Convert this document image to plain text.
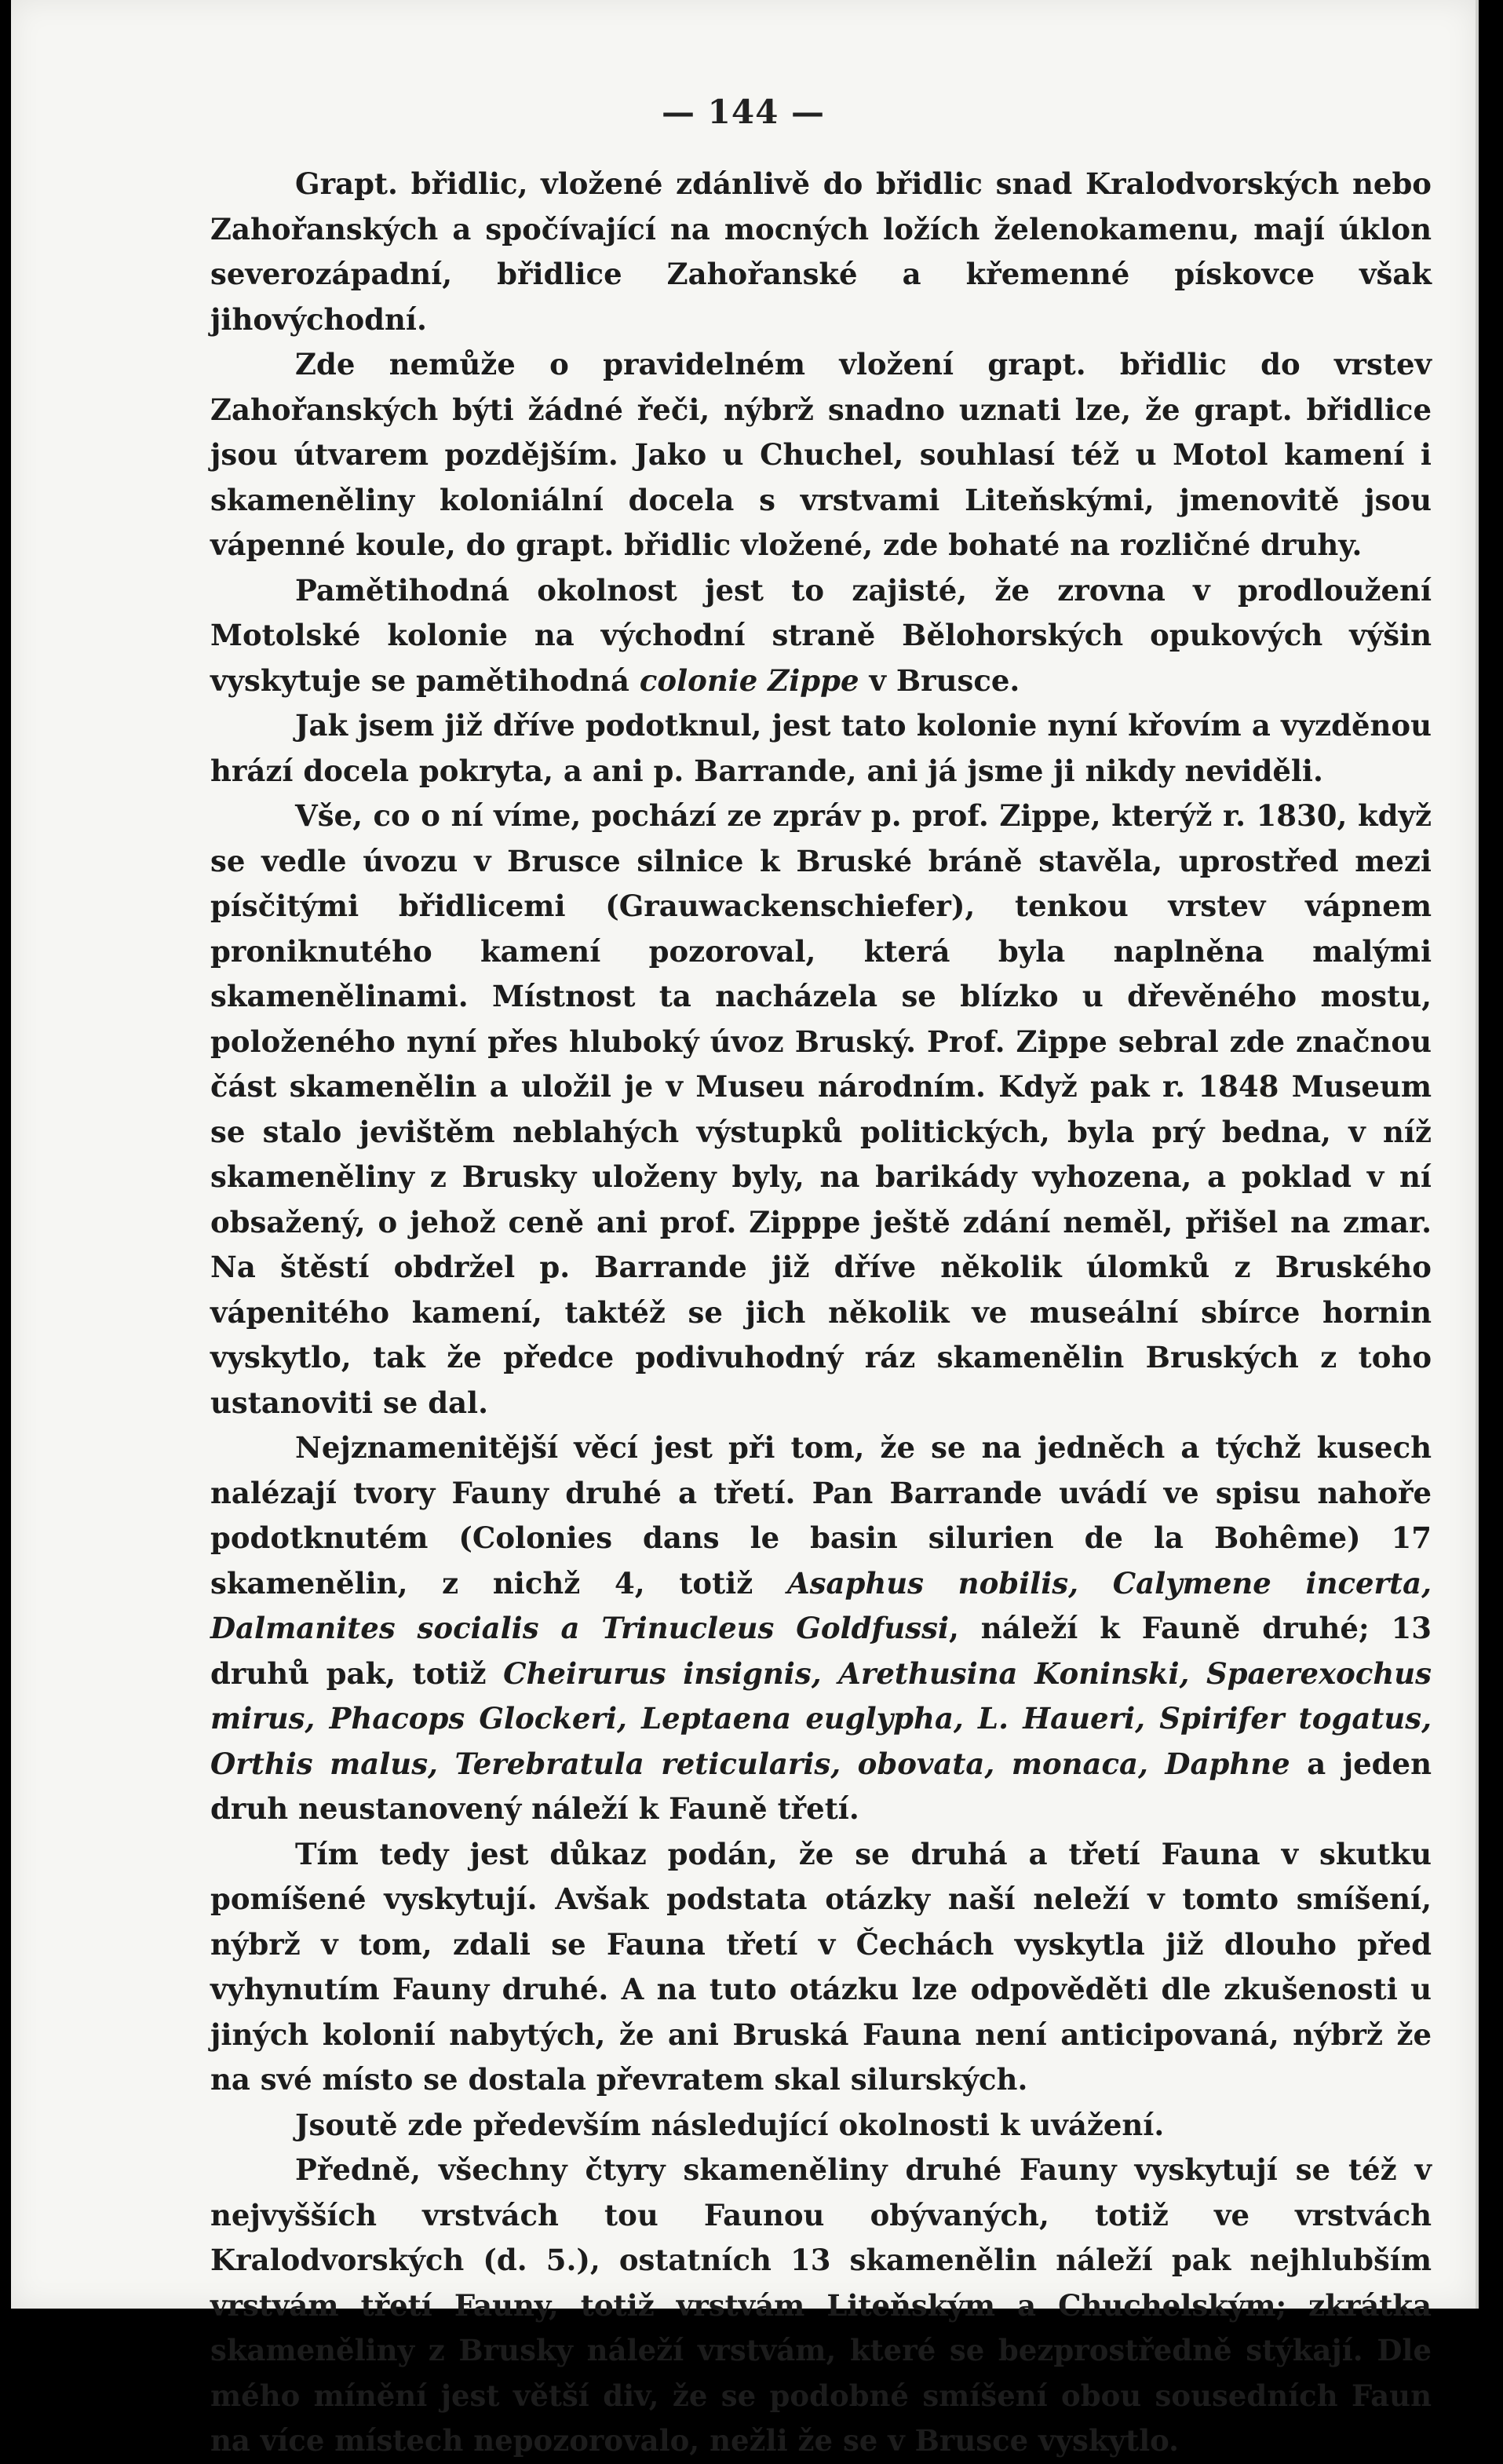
— 144 —

Grapt. břidlic, vložené zdánlivě do břidlic snad Kralodvorských nebo Zahořanských a spočívající na mocných ložích želenokamenu, mají úklon severozápadní, břidlice Zahořanské a křemenné pískovce však jihovýchodní.

Zde nemůže o pravidelném vložení grapt. břidlic do vrstev Zahořanských býti žádné řeči, nýbrž snadno uznati lze, že grapt. břidlice jsou útvarem pozdějším. Jako u Chuchel, souhlasí též u Motol kamení i skameněliny koloniální docela s vrstvami Liteňskými, jmenovitě jsou vápenné koule, do grapt. břidlic vložené, zde bohaté na rozličné druhy.

Pamětihodná okolnost jest to zajisté, že zrovna v prodloužení Motolské kolonie na východní straně Bělohorských opukových výšin vyskytuje se pamětihodná colonie Zippe v Brusce.

Jak jsem již dříve podotknul, jest tato kolonie nyní křovím a vyzděnou hrází docela pokryta, a ani p. Barrande, ani já jsme ji nikdy neviděli.

Vše, co o ní víme, pochází ze zpráv p. prof. Zippe, kterýž r. 1830, když se vedle úvozu v Brusce silnice k Bruské bráně stavěla, uprostřed mezi písčitými břidlicemi (Grauwackenschiefer), tenkou vrstev vápnem proniknutého kamení pozoroval, která byla naplněna malými skamenělinami. Místnost ta nacházela se blízko u dřevěného mostu, položeného nyní přes hluboký úvoz Bruský. Prof. Zippe sebral zde značnou část skamenělin a uložil je v Museu národním. Když pak r. 1848 Museum se stalo jevištěm neblahých výstupků politických, byla prý bedna, v níž skameněliny z Brusky uloženy byly, na barikády vyhozena, a poklad v ní obsažený, o jehož ceně ani prof. Zipppe ještě zdání neměl, přišel na zmar. Na štěstí obdržel p. Barrande již dříve několik úlomků z Bruského vápenitého kamení, taktéž se jich několik ve museální sbírce hornin vyskytlo, tak že předce podivuhodný ráz skamenělin Bruských z toho ustanoviti se dal.

Nejznamenitější věcí jest při tom, že se na jedněch a týchž kusech nalézají tvory Fauny druhé a třetí. Pan Barrande uvádí ve spisu nahoře podotknutém (Colonies dans le basin silurien de la Bohême) 17 skamenělin, z nichž 4, totiž Asaphus nobilis, Calymene incerta, Dalmanites socialis a Trinucleus Goldfussi, náleží k Fauně druhé; 13 druhů pak, totiž Cheirurus insignis, Arethusina Koninski, Spaerexochus mirus, Phacops Glockeri, Leptaena euglypha, L. Haueri, Spirifer togatus, Orthis malus, Terebratula reticularis, obovata, monaca, Daphne a jeden druh neustanovený náleží k Fauně třetí.

Tím tedy jest důkaz podán, že se druhá a třetí Fauna v skutku pomíšené vyskytují. Avšak podstata otázky naší neleží v tomto smíšení, nýbrž v tom, zdali se Fauna třetí v Čechách vyskytla již dlouho před vyhynutím Fauny druhé. A na tuto otázku lze odpověděti dle zkušenosti u jiných kolonií nabytých, že ani Bruská Fauna není anticipovaná, nýbrž že na své místo se dostala převratem skal silurských.

Jsoutě zde především následující okolnosti k uvážení.

Předně, všechny čtyry skameněliny druhé Fauny vyskytují se též v nejvyšších vrstvách tou Faunou obývaných, totiž ve vrstvách Kralodvorských (d. 5.), ostatních 13 skamenělin náleží pak nejhlubším vrstvám třetí Fauny, totiž vrstvám Liteňským a Chuchelským; zkrátka skameněliny z Brusky náleží vrstvám, které se bezprostředně stýkají. Dle mého mínění jest větší div, že se podobné smíšení obou sousedních Faun na více místech nepozorovalo, nežli že se v Brusce vyskytlo.
